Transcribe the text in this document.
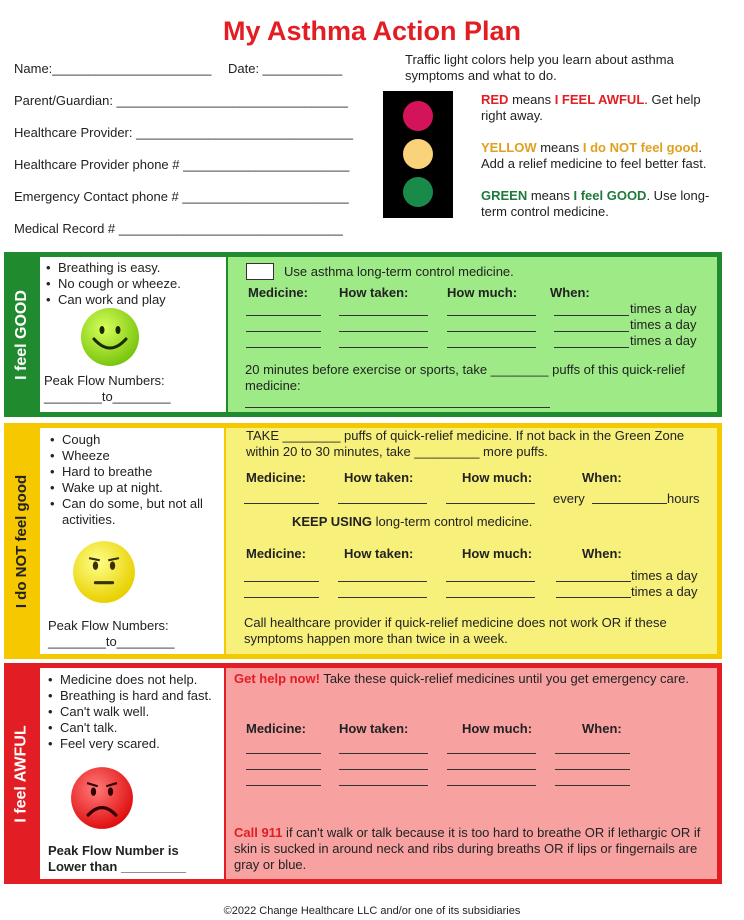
My Asthma Action Plan
Name:______________________ Date: ___________
Parent/Guardian: ________________________________
Healthcare Provider: ______________________________
Healthcare Provider phone # _______________________
Emergency Contact phone # _______________________
Medical Record # _______________________________
Traffic light colors help you learn about asthma symptoms and what to do.
RED means I FEEL AWFUL. Get help right away.
YELLOW means I do NOT feel good. Add a relief medicine to feel better fast.
GREEN means I feel GOOD. Use long-term control medicine.
I feel GOOD
• Breathing is easy.
• No cough or wheeze.
• Can work and play
Peak Flow Numbers:
________to________
Use asthma long-term control medicine.
Medicine: How taken:	How much:	When:
times a day
times a day
times a day
20 minutes before exercise or sports, take ________ puffs of this quick-relief medicine:
I do NOT feel good
• Cough
• Wheeze
• Hard to breathe
• Wake up at night.
• Can do some, but not all activities.
Peak Flow Numbers:
________to________
TAKE ________ puffs of quick-relief medicine. If not back in the Green Zone within 20 to 30 minutes, take _________ more puffs.
Medicine:	How taken:	How much:	When:
every	hours
KEEP USING long-term control medicine.
Medicine:	How taken:	How much:	When:
times a day
times a day
Call healthcare provider if quick-relief medicine does not work OR if these symptoms happen more than twice in a week.
I feel AWFUL
• Medicine does not help.
• Breathing is hard and fast.
• Can't walk well.
• Can't talk.
• Feel very scared.
Peak Flow Number is Lower than _________
Get help now! Take these quick-relief medicines until you get emergency care.
Medicine:	How taken:	How much:	When:
Call 911 if can't walk or talk because it is too hard to breathe OR if lethargic OR if skin is sucked in around neck and ribs during breaths OR if lips or fingernails are gray or blue.
©2022 Change Healthcare LLC and/or one of its subsidiaries
